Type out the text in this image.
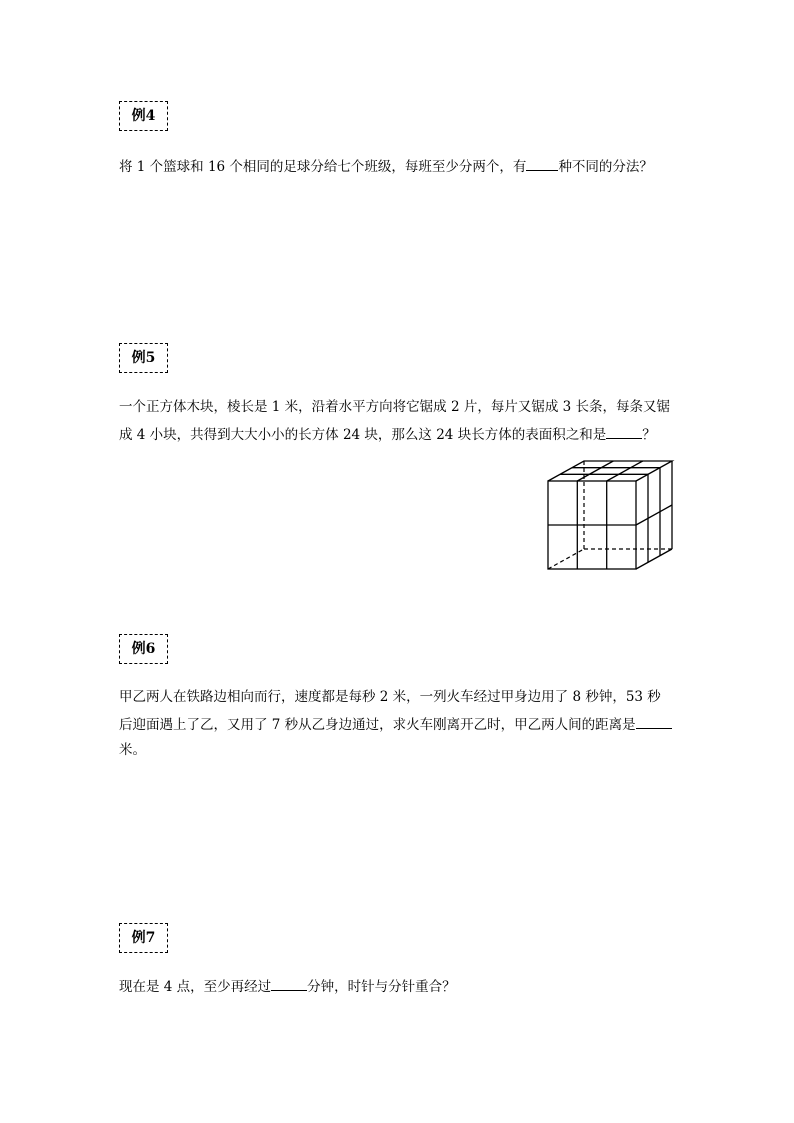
例4
将 1 个篮球和 16 个相同的足球分给七个班级，每班至少分两个，有 种不同的分法？
例5
一个正方体木块，棱长是 1 米，沿着水平方向将它锯成 2 片，每片又锯成 3 长条，每条又锯
成 4 小块，共得到大大小小的长方体 24 块，那么这 24 块长方体的表面积之和是	？
例6
甲乙两人在铁路边相向而行，速度都是每秒 2 米，一列火车经过甲身边用了 8 秒钟，53 秒
后迎面遇上了乙，又用了 7 秒从乙身边通过，求火车刚离开乙时，甲乙两人间的距离是
米。
例7
现在是 4 点，至少再经过	分钟，时针与分针重合？
